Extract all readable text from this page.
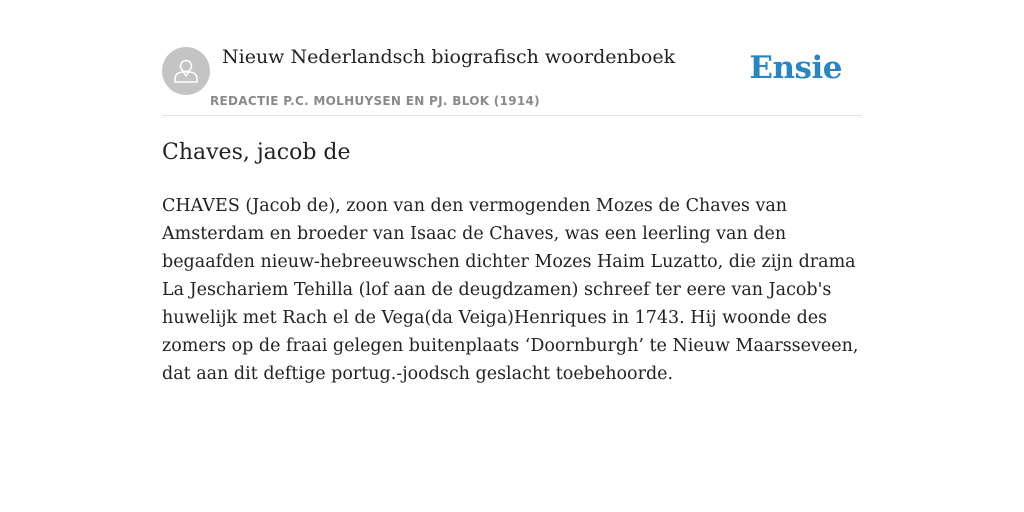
Nieuw Nederlandsch biografisch woordenboek
REDACTIE P.C. MOLHUYSEN EN PJ. BLOK (1914)
Ensie
Chaves, jacob de

CHAVES (Jacob de), zoon van den vermogenden Mozes de Chaves van Amsterdam en broeder van Isaac de Chaves, was een leerling van den begaafden nieuw-hebreeuwschen dichter Mozes Haim Luzatto, die zijn drama La Jeschariem Tehilla (lof aan de deugdzamen) schreef ter eere van Jacob's huwelijk met Rach el de Vega(da Veiga)Henriques in 1743. Hij woonde des zomers op de fraai gelegen buitenplaats ‘Doornburgh’ te Nieuw Maarsseveen, dat aan dit deftige portug.-joodsch geslacht toebehoorde.
